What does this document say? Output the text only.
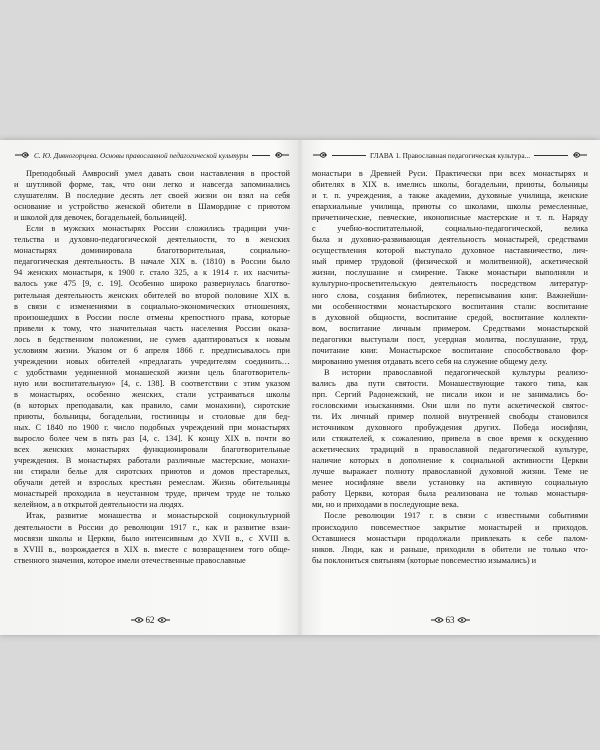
С. Ю. Дивногорцева. Основы православной педагогической культуры
Преподобный Амвросий умел давать свои наставления в простой
и шутливой форме, так, что они легко и навсегда запоминались
слушателям. В последние десять лет своей жизни он взял на себя
основание и устройство женской обители в Шамординe с приютом
и школой для девочек, богадельней, больницей].
Если в мужских монастырях России сложились традиции учи-
тельства и духовно-педагогической деятельности, то в женских
монастырях доминировала благотворительная, социально-
педагогическая деятельность. В начале XIX в. (1810) в России было
94 женских монастыря, к 1900 г. стало 325, а к 1914 г. их насчиты-
валось уже 475 [9, с. 19]. Особенно широко развернулась благотво-
рительная деятельность женских обителей во второй половине XIX в.
в связи с изменениями в социально-экономических отношениях,
произошедших в России после отмены крепостного права, которые
привели к тому, что значительная часть населения России оказа-
лось в бедственном положении, не сумев адаптироваться к новым
условиям жизни. Указом от 6 апреля 1866 г. предписывалось при
учреждении новых обителей «предлагать учредителям соединить…
с удобствами уединенной монашеской жизни цель благотворитель-
ную или воспитательную» [4, с. 138]. В соответствии с этим указом
в монастырях, особенно женских, стали устраиваться школы
(в которых преподавали, как правило, сами монахини), сиротские
приюты, больницы, богадельни, гостиницы и столовые для бед-
ных. С 1840 по 1900 г. число подобных учреждений при монастырях
выросло более чем в пять раз [4, с. 134]. К концу XIX в. почти во
всех женских монастырях функционировали благотворительные
учреждения. В монастырях работали различные мастерские, монахи-
ни стирали белье для сиротских приютов и домов престарелых,
обучали детей и взрослых крестьян ремеслам. Жизнь обительницы
монастырей проходила в неустанном труде, причем труде не только
келейном, а в открытой деятельности на людях.
Итак, развитие монашества и монастырской социокультурной
деятельности в России до революции 1917 г., как и развитие взаи-
мосвязи школы и Церкви, было интенсивным до XVII в., с XVIII в.
в XVIII в., возрождается в XIX в. вместе с возвращением того обще-
ственного значения, которое имели отечественные православные
62
ГЛАВА 1. Православная педагогическая культура...
монастыри в Древней Руси. Практически при всех монастырях и
обителях в XIX в. имелись школы, богадельни, приюты, больницы
и т. п. учреждения, а также академии, духовные училища, женские
епархиальные училища, приюты со школами, школы ремесленные,
причетнические, певческие, иконописные мастерские и т. п. Наряду
с учебно-воспитательной, социально-педагогической, велика
была и духовно-развивающая деятельность монастырей, средствами
осуществления которой выступало духовное наставничество, лич-
ный пример трудовой (физической и молитвенной), аскетической
жизни, послушание и смирение. Также монастыри выполняли и
культурно-просветительскую деятельность посредством литератур-
ного слова, создания библиотек, переписывания книг. Важнейши-
ми особенностями монастырского воспитания стали: воспитание
в духовной общности, воспитание средой, воспитание коллекти-
вом, воспитание личным примером. Средствами монастырской
педагогики выступали пост, усердная молитва, послушание, труд,
почитание книг. Монастырское воспитание способствовало фор-
мированию умения отдавать всего себя на служение общему делу.
В истории православной педагогической культуры реализо-
вались два пути святости. Монашествующие такого типа, как
прп. Сергий Радонежский, не писали икон и не занимались бо-
гословскими изысканиями. Они шли по пути аскетической святос-
ти. Их личный пример полной внутренней свободы становился
источником духовного пробуждения других. Победа иосифлян,
или стяжателей, к сожалению, привела в свое время к оскудению
аскетических традиций в православной педагогической культуре,
наличие которых в дополнение к социальной активности Церкви
лучше выражает полноту православной духовной жизни. Теме не
менее иосифляне ввели установку на активную социальную
работу Церкви, которая была реализована не только монастыря-
ми, но и приходами в последующие века.
После революции 1917 г. в связи с известными событиями
происходило повсеместное закрытие монастырей и приходов.
Оставшиеся монастыри продолжали привлекать к себе палом-
ников. Люди, как и раньше, приходили в обители не только что-
бы поклониться святыням (которые повсеместно изымались) и
63
